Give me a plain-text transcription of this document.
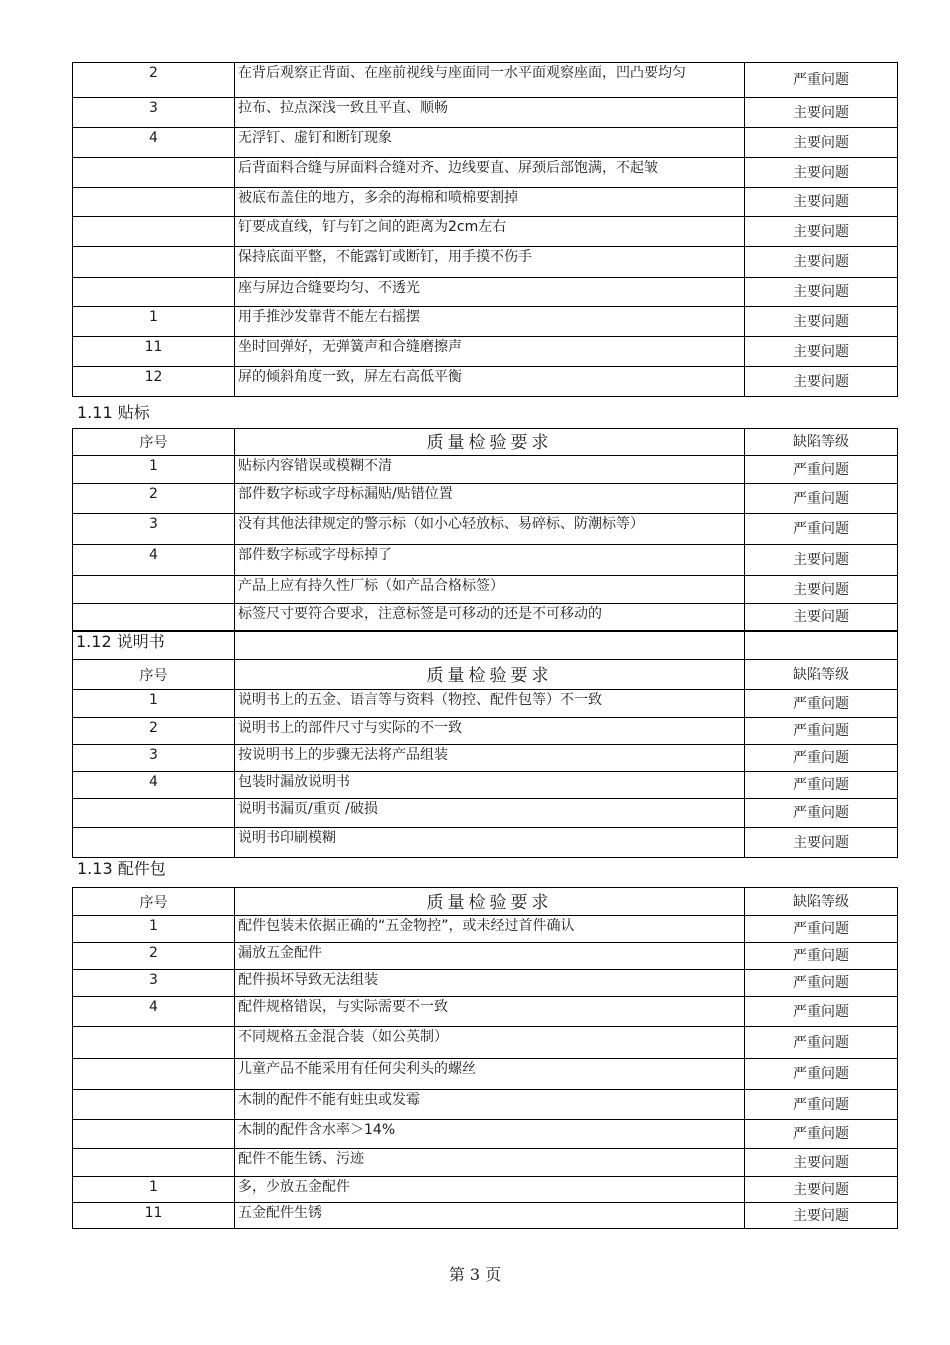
2	在背后观察正背面、在座前视线与座面同一水平面观察座面，凹凸要均匀	严重问题

3	拉布、拉点深浅一致且平直、顺畅	主要问题

4	无浮钉、虚钉和断钉现象	主要问题

	后背面料合缝与屏面料合缝对齐、边线要直、屏颈后部饱满，不起皱	主要问题

	被底布盖住的地方，多余的海棉和喷棉要割掉	主要问题

	钉要成直线，钉与钉之间的距离为2cm左右	主要问题

	保持底面平整，不能露钉或断钉，用手摸不伤手	主要问题

	座与屏边合缝要均匀、不透光	主要问题

1	用手推沙发靠背不能左右摇摆	主要问题

11	坐时回弹好，无弹簧声和合缝磨擦声	主要问题

12	屏的倾斜角度一致，屏左右高低平衡	主要问题
1.11 贴标
序号	质量检验要求	缺陷等级

1	贴标内容错误或模糊不清	严重问题

2	部件数字标或字母标漏贴/贴错位置	严重问题

3	没有其他法律规定的警示标（如小心轻放标、易碎标、防潮标等）	严重问题

4	部件数字标或字母标掉了	主要问题

	产品上应有持久性厂标（如产品合格标签）	主要问题

	标签尺寸要符合要求，注意标签是可移动的还是不可移动的	主要问题
1.12 说明书		

序号	质量检验要求	缺陷等级

1	说明书上的五金、语言等与资料（物控、配件包等）不一致	严重问题

2	说明书上的部件尺寸与实际的不一致	严重问题

3	按说明书上的步骤无法将产品组装	严重问题

4	包装时漏放说明书	严重问题

	说明书漏页/重页 /破损	严重问题

	说明书印刷模糊	主要问题
1.13 配件包
序号	质量检验要求	缺陷等级

1	配件包装未依据正确的“五金物控”，或未经过首件确认	严重问题

2	漏放五金配件	严重问题

3	配件损坏导致无法组装	严重问题

4	配件规格错误，与实际需要不一致	严重问题

	不同规格五金混合装（如公英制）	严重问题

	儿童产品不能采用有任何尖利头的螺丝	严重问题

	木制的配件不能有蛀虫或发霉	严重问题

	木制的配件含水率＞14%	严重问题

	配件不能生锈、污迹	主要问题

1	多，少放五金配件	主要问题

11	五金配件生锈	主要问题
第 3 页
